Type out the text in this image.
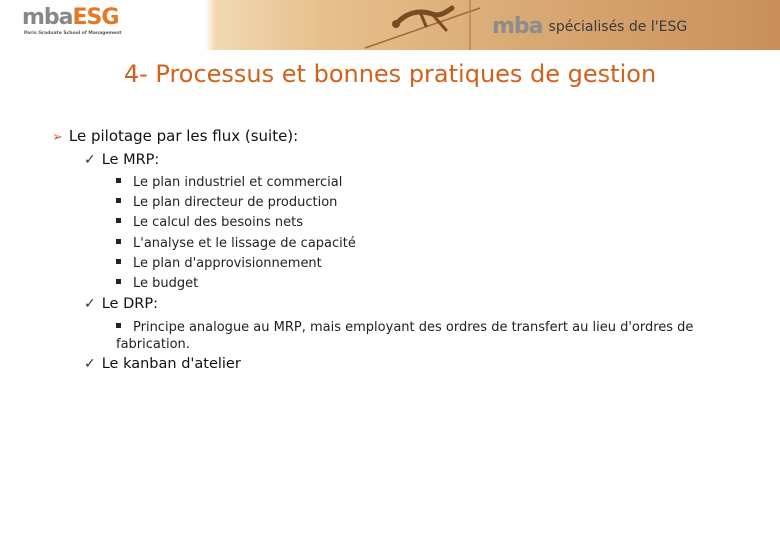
mbaESG
Paris Graduate School of Management	mba spécialisés de l'ESG
4- Processus et bonnes pratiques de gestion
➢ Le pilotage par les flux (suite):
✓ Le MRP:
Le plan industriel et commercial
Le plan directeur de production
Le calcul des besoins nets
L'analyse et le lissage de capacité
Le plan d'approvisionnement
Le budget
✓ Le DRP:
Principe analogue au MRP, mais employant des ordres de transfert au lieu d'ordres de fabrication.
✓ Le kanban d'atelier
